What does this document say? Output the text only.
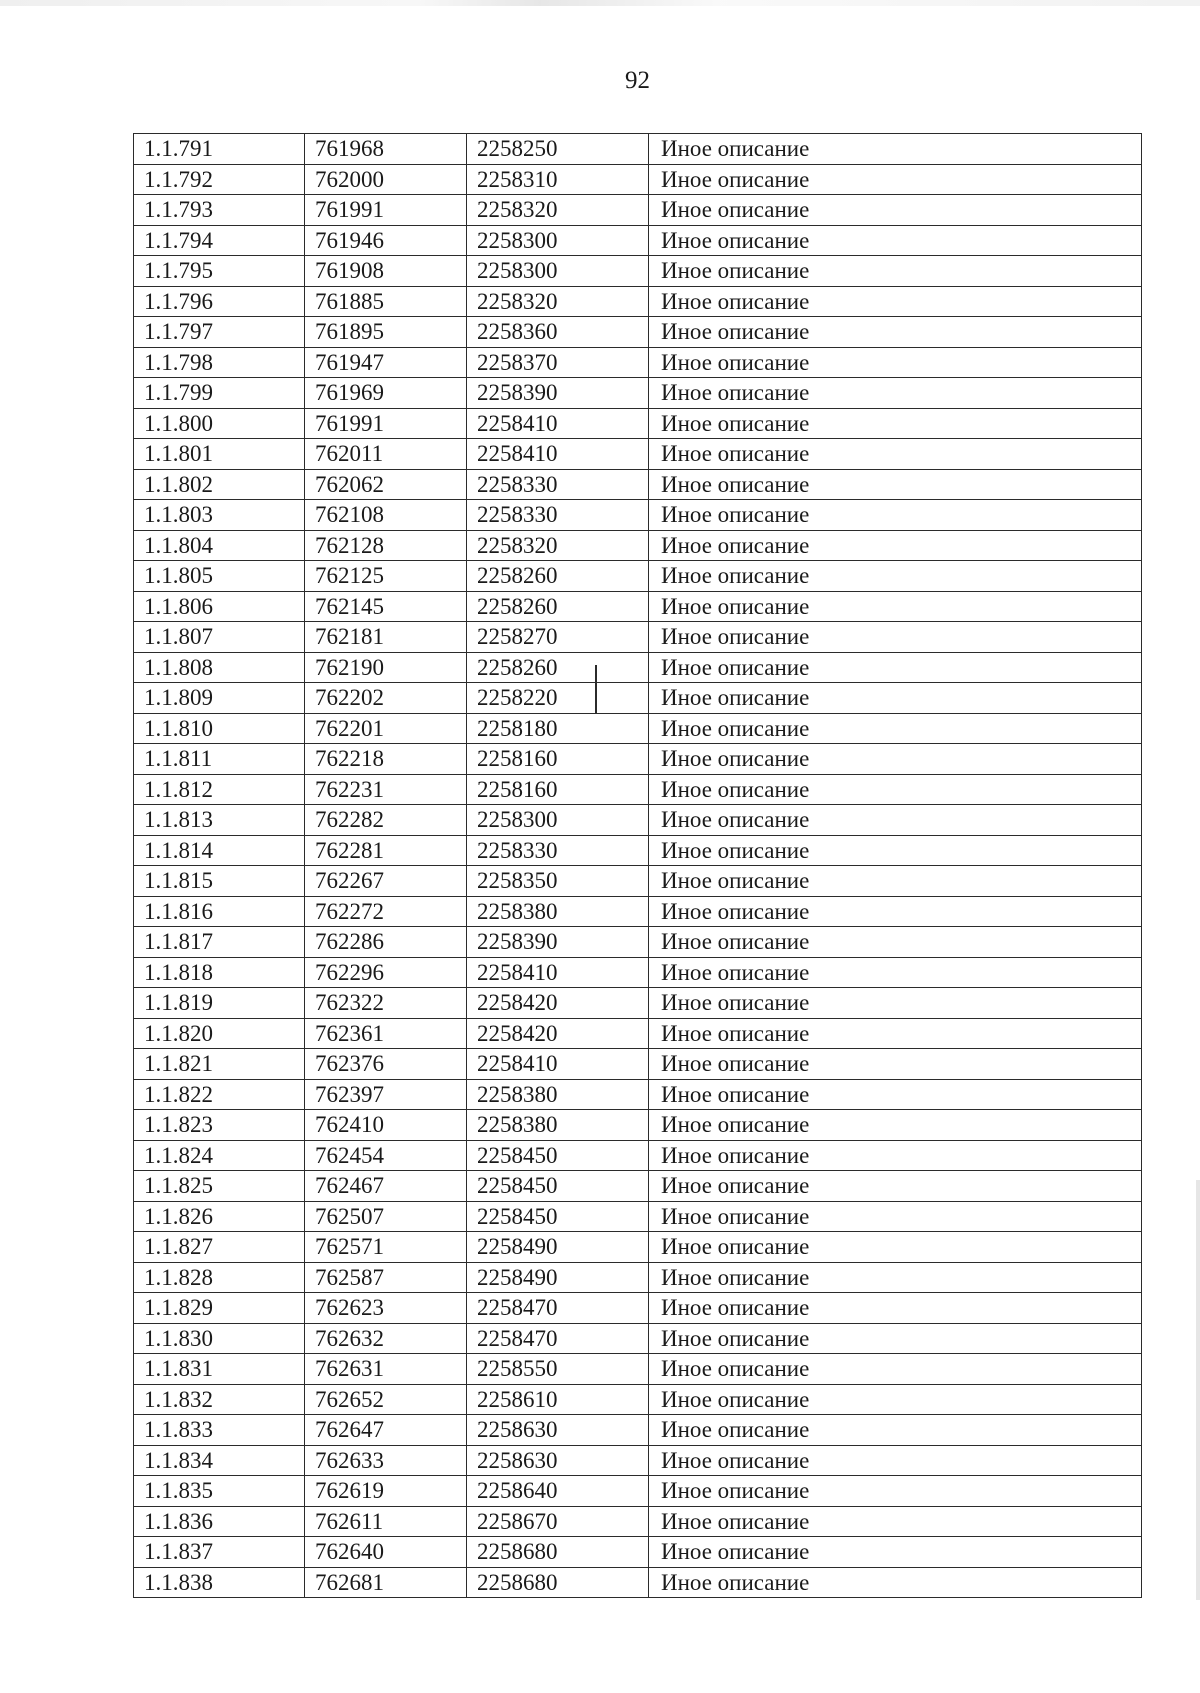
92
1.1.791	761968	2258250	Иное описание
1.1.792	762000	2258310	Иное описание
1.1.793	761991	2258320	Иное описание
1.1.794	761946	2258300	Иное описание
1.1.795	761908	2258300	Иное описание
1.1.796	761885	2258320	Иное описание
1.1.797	761895	2258360	Иное описание
1.1.798	761947	2258370	Иное описание
1.1.799	761969	2258390	Иное описание
1.1.800	761991	2258410	Иное описание
1.1.801	762011	2258410	Иное описание
1.1.802	762062	2258330	Иное описание
1.1.803	762108	2258330	Иное описание
1.1.804	762128	2258320	Иное описание
1.1.805	762125	2258260	Иное описание
1.1.806	762145	2258260	Иное описание
1.1.807	762181	2258270	Иное описание
1.1.808	762190	2258260	Иное описание
1.1.809	762202	2258220	Иное описание
1.1.810	762201	2258180	Иное описание
1.1.811	762218	2258160	Иное описание
1.1.812	762231	2258160	Иное описание
1.1.813	762282	2258300	Иное описание
1.1.814	762281	2258330	Иное описание
1.1.815	762267	2258350	Иное описание
1.1.816	762272	2258380	Иное описание
1.1.817	762286	2258390	Иное описание
1.1.818	762296	2258410	Иное описание
1.1.819	762322	2258420	Иное описание
1.1.820	762361	2258420	Иное описание
1.1.821	762376	2258410	Иное описание
1.1.822	762397	2258380	Иное описание
1.1.823	762410	2258380	Иное описание
1.1.824	762454	2258450	Иное описание
1.1.825	762467	2258450	Иное описание
1.1.826	762507	2258450	Иное описание
1.1.827	762571	2258490	Иное описание
1.1.828	762587	2258490	Иное описание
1.1.829	762623	2258470	Иное описание
1.1.830	762632	2258470	Иное описание
1.1.831	762631	2258550	Иное описание
1.1.832	762652	2258610	Иное описание
1.1.833	762647	2258630	Иное описание
1.1.834	762633	2258630	Иное описание
1.1.835	762619	2258640	Иное описание
1.1.836	762611	2258670	Иное описание
1.1.837	762640	2258680	Иное описание
1.1.838	762681	2258680	Иное описание
